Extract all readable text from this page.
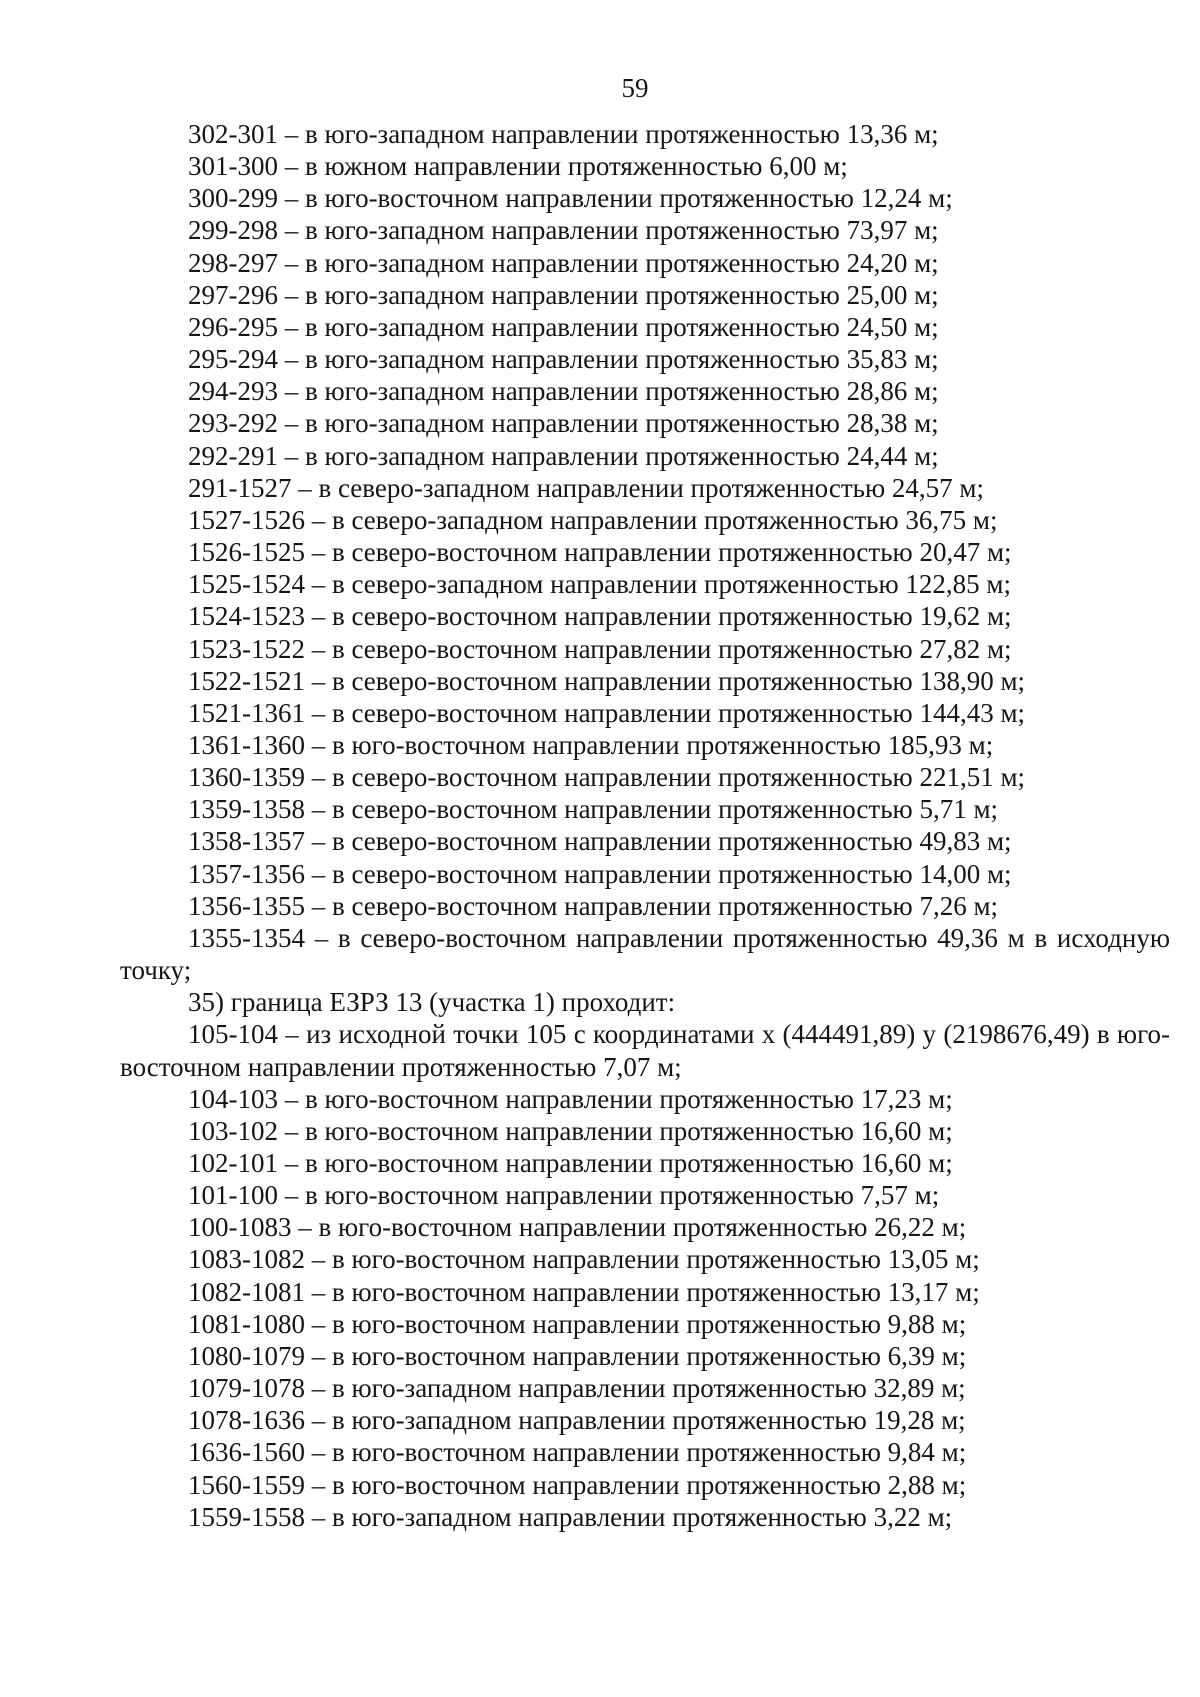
59

302-301 – в юго-западном направлении протяженностью 13,36 м;

301-300 – в южном направлении протяженностью 6,00 м;

300-299 – в юго-восточном направлении протяженностью 12,24 м;

299-298 – в юго-западном направлении протяженностью 73,97 м;

298-297 – в юго-западном направлении протяженностью 24,20 м;

297-296 – в юго-западном направлении протяженностью 25,00 м;

296-295 – в юго-западном направлении протяженностью 24,50 м;

295-294 – в юго-западном направлении протяженностью 35,83 м;

294-293 – в юго-западном направлении протяженностью 28,86 м;

293-292 – в юго-западном направлении протяженностью 28,38 м;

292-291 – в юго-западном направлении протяженностью 24,44 м;

291-1527 – в северо-западном направлении протяженностью 24,57 м;

1527-1526 – в северо-западном направлении протяженностью 36,75 м;

1526-1525 – в северо-восточном направлении протяженностью 20,47 м;

1525-1524 – в северо-западном направлении протяженностью 122,85 м;

1524-1523 – в северо-восточном направлении протяженностью 19,62 м;

1523-1522 – в северо-восточном направлении протяженностью 27,82 м;

1522-1521 – в северо-восточном направлении протяженностью 138,90 м;

1521-1361 – в северо-восточном направлении протяженностью 144,43 м;

1361-1360 – в юго-восточном направлении протяженностью 185,93 м;

1360-1359 – в северо-восточном направлении протяженностью 221,51 м;

1359-1358 – в северо-восточном направлении протяженностью 5,71 м;

1358-1357 – в северо-восточном направлении протяженностью 49,83 м;

1357-1356 – в северо-восточном направлении протяженностью 14,00 м;

1356-1355 – в северо-восточном направлении протяженностью 7,26 м;

1355-1354 – в северо-восточном направлении протяженностью 49,36 м в исходную точку;

35) граница ЕЗРЗ 13 (участка 1) проходит:

105-104 – из исходной точки 105 с координатами x (444491,89) y (2198676,49) в юго-восточном направлении протяженностью 7,07 м;

104-103 – в юго-восточном направлении протяженностью 17,23 м;

103-102 – в юго-восточном направлении протяженностью 16,60 м;

102-101 – в юго-восточном направлении протяженностью 16,60 м;

101-100 – в юго-восточном направлении протяженностью 7,57 м;

100-1083 – в юго-восточном направлении протяженностью 26,22 м;

1083-1082 – в юго-восточном направлении протяженностью 13,05 м;

1082-1081 – в юго-восточном направлении протяженностью 13,17 м;

1081-1080 – в юго-восточном направлении протяженностью 9,88 м;

1080-1079 – в юго-восточном направлении протяженностью 6,39 м;

1079-1078 – в юго-западном направлении протяженностью 32,89 м;

1078-1636 – в юго-западном направлении протяженностью 19,28 м;

1636-1560 – в юго-восточном направлении протяженностью 9,84 м;

1560-1559 – в юго-восточном направлении протяженностью 2,88 м;

1559-1558 – в юго-западном направлении протяженностью 3,22 м;
